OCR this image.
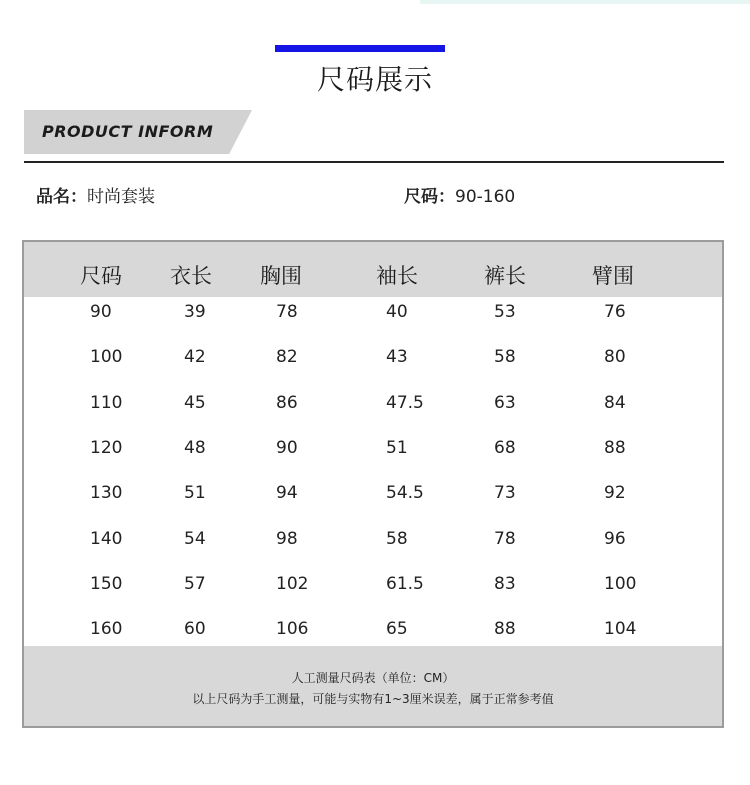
尺码展示
PRODUCT INFORM
品名：时尚套装	尺码：90-160
尺码 衣长 胸围	袖长	裤长	臂围
90	39	78	40	53	76
100	42	82	43	58	80
110	45	86	47.5	63	84
120	48	90	51	68	88
130	51	94	54.5	73	92
140	54	98	58	78	96
150	57	102	61.5	83	100
160	60	106	65	88	104
人工测量尺码表（单位：CM）
以上尺码为手工测量，可能与实物有1~3厘米误差，属于正常参考值
